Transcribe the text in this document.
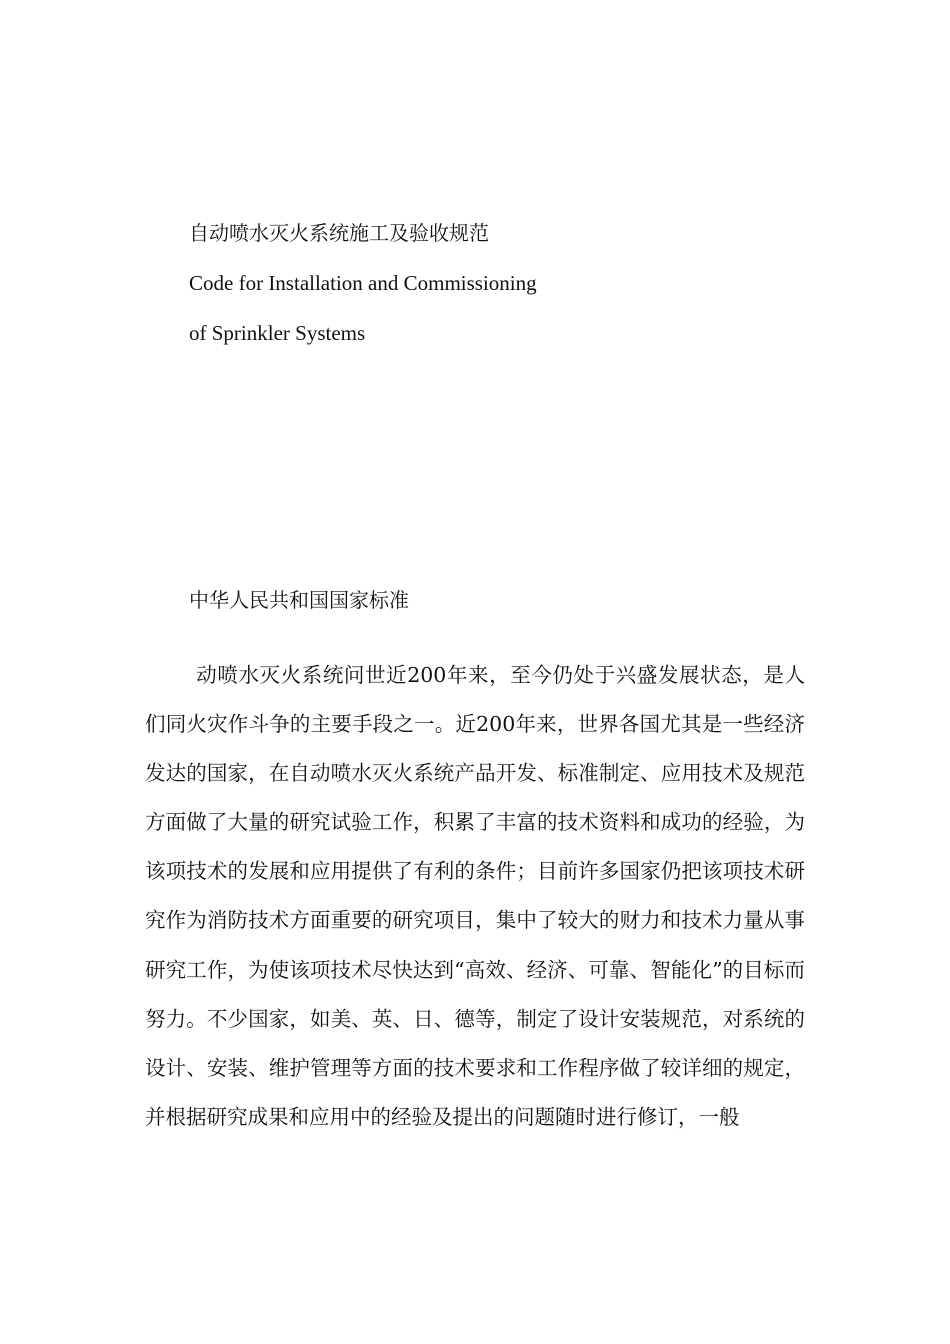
自动喷水灭火系统施工及验收规范
Code for Installation and Commissioning
of Sprinkler Systems
中华人民共和国国家标准

动喷水灭火系统问世近200年来，至今仍处于兴盛发展状态，是人们同火灾作斗争的主要手段之一。近200年来，世界各国尤其是一些经济发达的国家，在自动喷水灭火系统产品开发、标准制定、应用技术及规范方面做了大量的研究试验工作，积累了丰富的技术资料和成功的经验，为该项技术的发展和应用提供了有利的条件；目前许多国家仍把该项技术研究作为消防技术方面重要的研究项目，集中了较大的财力和技术力量从事研究工作，为使该项技术尽快达到“高效、经济、可靠、智能化”的目标而努力。不少国家，如美、英、日、德等，制定了设计安装规范，对系统的设计、安装、维护管理等方面的技术要求和工作程序做了较详细的规定，并根据研究成果和应用中的经验及提出的问题随时进行修订，一般
